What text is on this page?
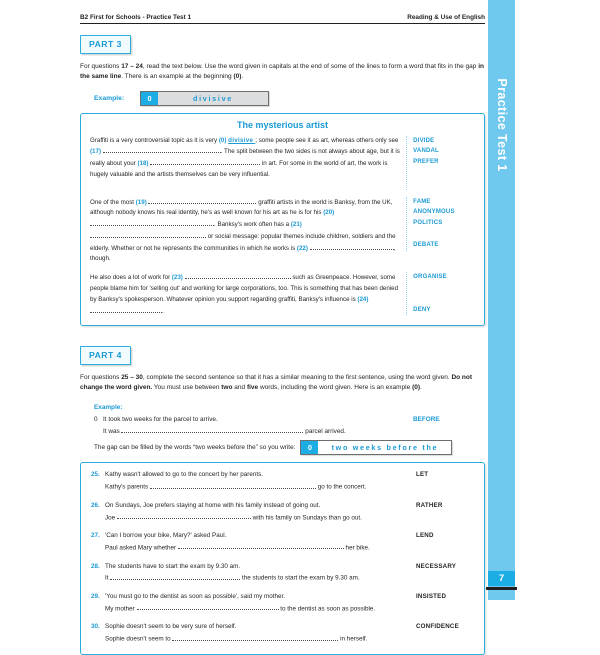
Practice Test 1
7
B2 First for Schools - Practice Test 1	Reading & Use of English
PART 3
For questions 17 – 24, read the text below. Use the word given in capitals at the end of some of the lines to form a word that fits in the gap in the same line. There is an example at the beginning (0).
Example:	0	divisive
The mysterious artist
Graffiti is a very controversial topic as it is very (0) divisive ; some people see it as art, whereas others only see (17)	. The split between the two sides is not always about age, but it is really about your (18)	in art. For some in the world of art, the work is hugely valuable and the artists themselves can be very influential.
DIVIDE
VANDAL
PREFER
One of the most (19)	graffiti artists in the world is Banksy, from the UK, although nobody knows his real identity, he's as well known for his art as he is for his (20) . Banksy's work often has a (21)  or social message: popular themes include children, soldiers and the elderly. Whether or not he represents the communities in which he works is (22)	, though.
FAME
ANONYMOUS
POLITICS
DEBATE
He also does a lot of work for (23)	such as Greenpeace. However, some people blame him for 'selling out' and working for large corporations, too. This is something that has been denied by Banksy's spokesperson. Whatever opinion you support regarding graffiti, Banksy's influence is (24) .
ORGANISE
DENY
PART 4
For questions 25 – 30, complete the second sentence so that it has a similar meaning to the first sentence, using the word given. Do not change the word given. You must use between two and five words, including the word given. Here is an example (0).
Example:
0 It took two weeks for the parcel to arrive.	BEFORE
It was	parcel arrived.
The gap can be filled by the words “two weeks before the” so you write:	0	two weeks before the
25. Kathy wasn't allowed to go to the concert by her parents.	LET
Kathy's parents	go to the concert.
26. On Sundays, Joe prefers staying at home with his family instead of going out.	RATHER
Joe	with his family on Sundays than go out.
27. 'Can I borrow your bike, Mary?' asked Paul.	LEND
Paul asked Mary whether	her bike.
28. The students have to start the exam by 9.30 am.	NECESSARY
It	the students to start the exam by 9.30 am.
29. 'You must go to the dentist as soon as possible', said my mother.	INSISTED
My mother	to the dentist as soon as possible.
30. Sophie doesn't seem to be very sure of herself.	CONFIDENCE
Sophie doesn't seem to	in herself.
